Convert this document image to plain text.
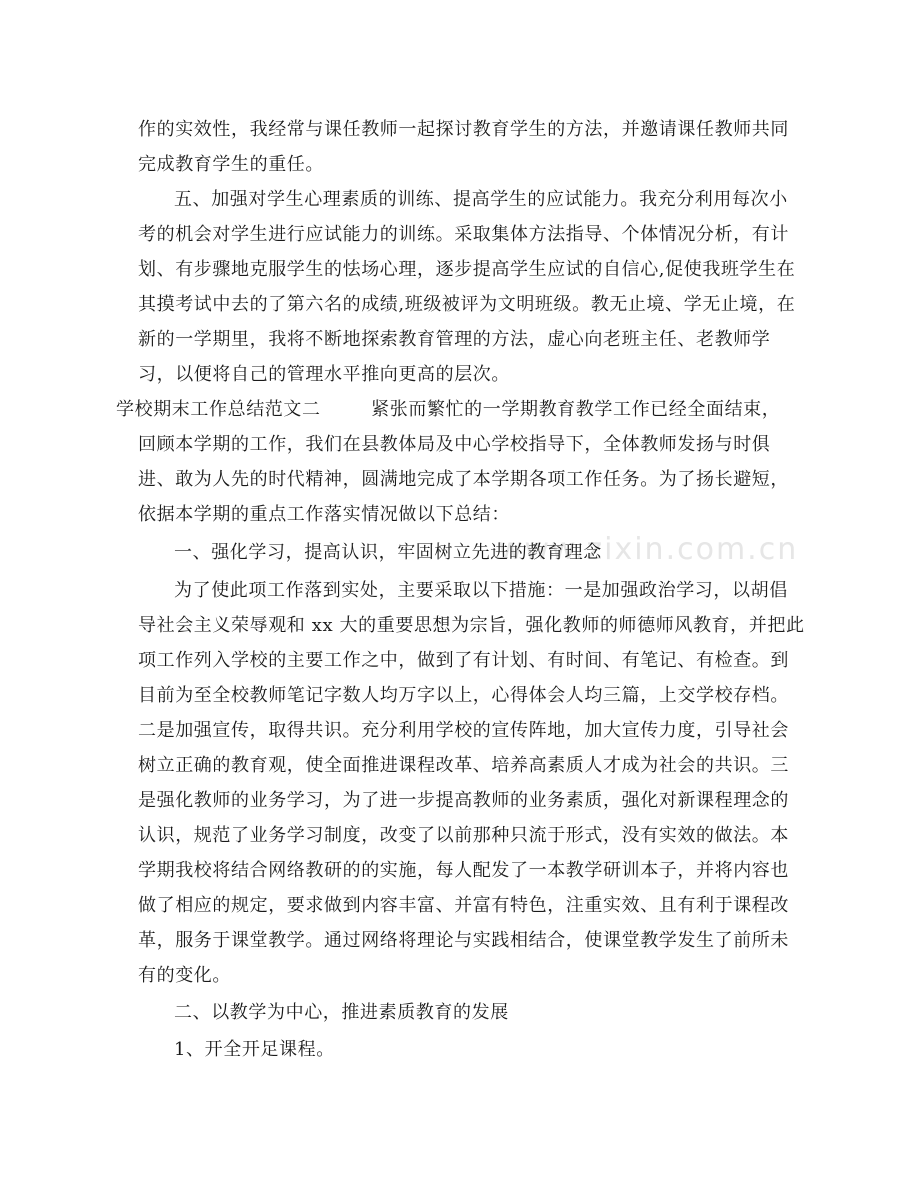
www.zixin.com.cn
作的实效性，我经常与课任教师一起探讨教育学生的方法，并邀请课任教师共同
完成教育学生的重任。
五、加强对学生心理素质的训练、提高学生的应试能力。我充分利用每次小
考的机会对学生进行应试能力的训练。采取集体方法指导、个体情况分析，有计
划、有步骤地克服学生的怯场心理，逐步提高学生应试的自信心,促使我班学生在
其摸考试中去的了第六名的成绩,班级被评为文明班级。教无止境、学无止境，在
新的一学期里，我将不断地探索教育管理的方法，虚心向老班主任、老教师学
习，以便将自己的管理水平推向更高的层次。
学校期末工作总结范文二        紧张而繁忙的一学期教育教学工作已经全面结束，
回顾本学期的工作，我们在县教体局及中心学校指导下，全体教师发扬与时俱
进、敢为人先的时代精神，圆满地完成了本学期各项工作任务。为了扬长避短，
依据本学期的重点工作落实情况做以下总结：
一、强化学习，提高认识，牢固树立先进的教育理念
为了使此项工作落到实处，主要采取以下措施：一是加强政治学习，以胡倡
导社会主义荣辱观和 xx 大的重要思想为宗旨，强化教师的师德师风教育，并把此
项工作列入学校的主要工作之中，做到了有计划、有时间、有笔记、有检查。到
目前为至全校教师笔记字数人均万字以上，心得体会人均三篇，上交学校存档。
二是加强宣传，取得共识。充分利用学校的宣传阵地，加大宣传力度，引导社会
树立正确的教育观，使全面推进课程改革、培养高素质人才成为社会的共识。三
是强化教师的业务学习，为了进一步提高教师的业务素质，强化对新课程理念的
认识，规范了业务学习制度，改变了以前那种只流于形式，没有实效的做法。本
学期我校将结合网络教研的的实施，每人配发了一本教学研训本子，并将内容也
做了相应的规定，要求做到内容丰富、并富有特色，注重实效、且有利于课程改
革，服务于课堂教学。通过网络将理论与实践相结合，使课堂教学发生了前所未
有的变化。
二、以教学为中心，推进素质教育的发展
1、开全开足课程。
